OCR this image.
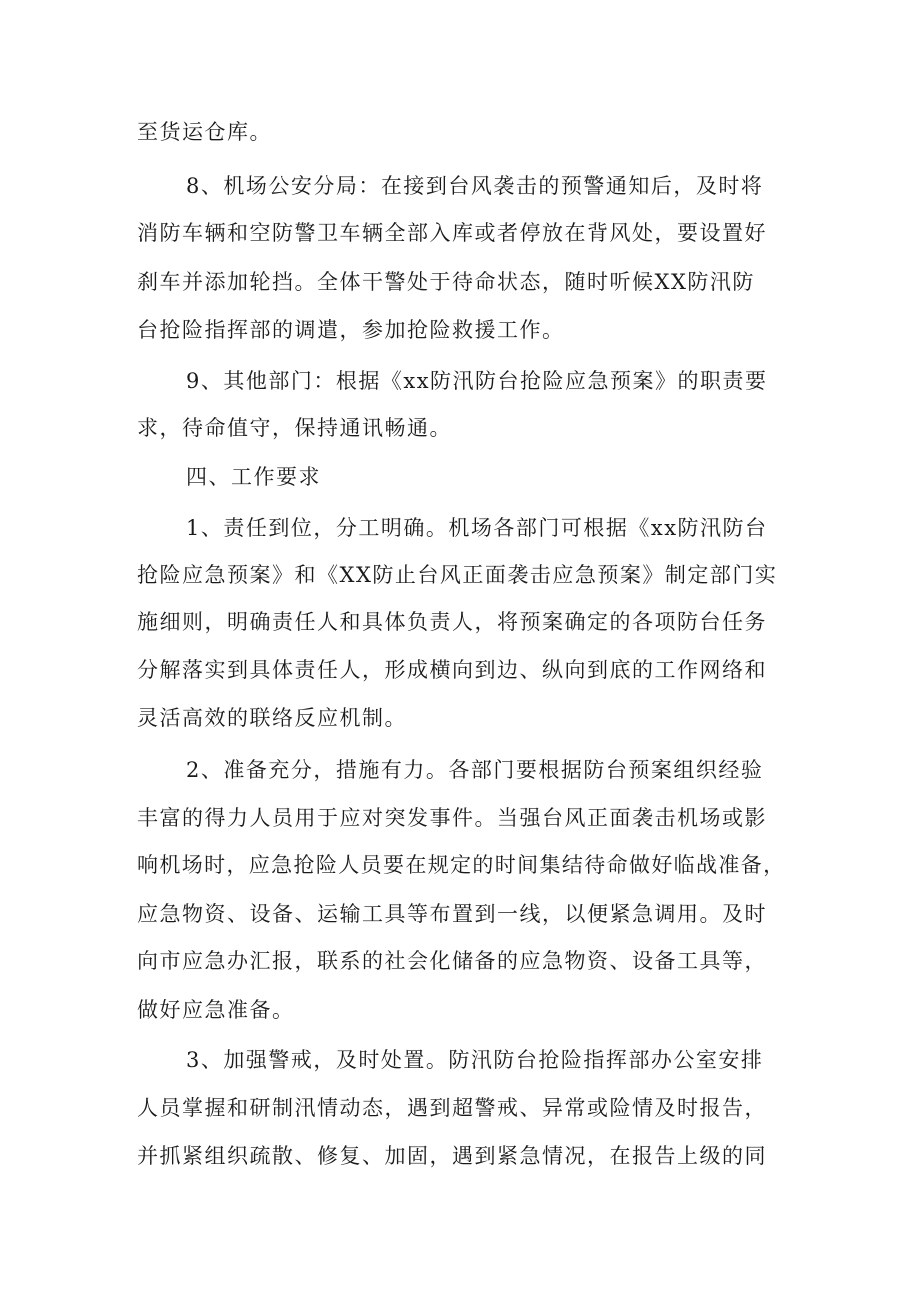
至货运仓库。

8、机场公安分局：在接到台风袭击的预警通知后，及时将

消防车辆和空防警卫车辆全部入库或者停放在背风处，要设置好

刹车并添加轮挡。全体干警处于待命状态，随时听候XX防汛防

台抢险指挥部的调遣，参加抢险救援工作。

9、其他部门：根据《xx防汛防台抢险应急预案》的职责要

求，待命值守，保持通讯畅通。

四、工作要求

1、责任到位，分工明确。机场各部门可根据《xx防汛防台

抢险应急预案》和《XX防止台风正面袭击应急预案》制定部门实

施细则，明确责任人和具体负责人，将预案确定的各项防台任务

分解落实到具体责任人，形成横向到边、纵向到底的工作网络和

灵活高效的联络反应机制。

2、准备充分，措施有力。各部门要根据防台预案组织经验

丰富的得力人员用于应对突发事件。当强台风正面袭击机场或影

响机场时，应急抢险人员要在规定的时间集结待命做好临战准备，

应急物资、设备、运输工具等布置到一线，以便紧急调用。及时

向市应急办汇报，联系的社会化储备的应急物资、设备工具等，

做好应急准备。

3、加强警戒，及时处置。防汛防台抢险指挥部办公室安排

人员掌握和研制汛情动态，遇到超警戒、异常或险情及时报告，

并抓紧组织疏散、修复、加固，遇到紧急情况，在报告上级的同
